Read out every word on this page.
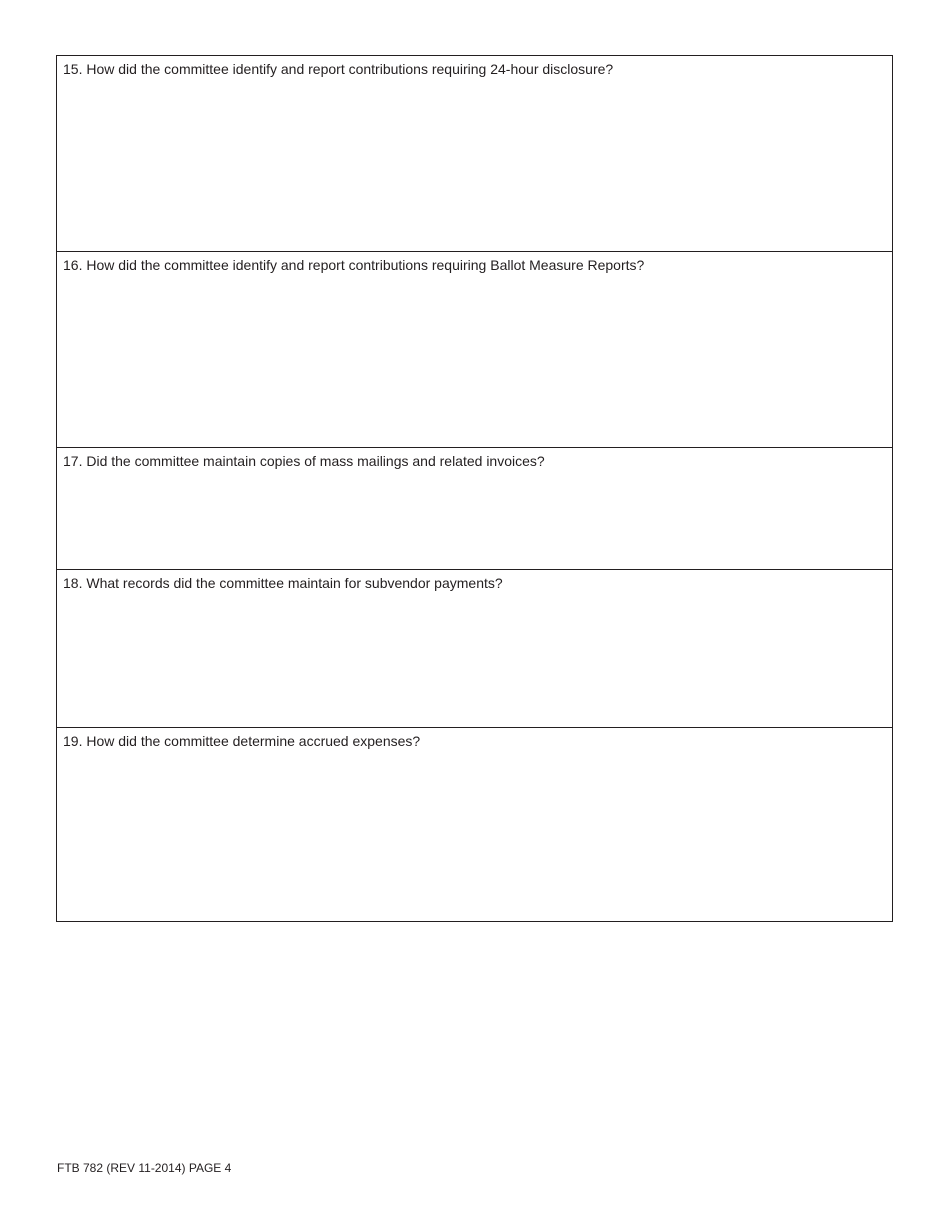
15. How did the committee identify and report contributions requiring 24-hour disclosure?
16. How did the committee identify and report contributions requiring Ballot Measure Reports?
17. Did the committee maintain copies of mass mailings and related invoices?
18. What records did the committee maintain for subvendor payments?
19. How did the committee determine accrued expenses?
FTB 782 (REV 11-2014) PAGE 4
